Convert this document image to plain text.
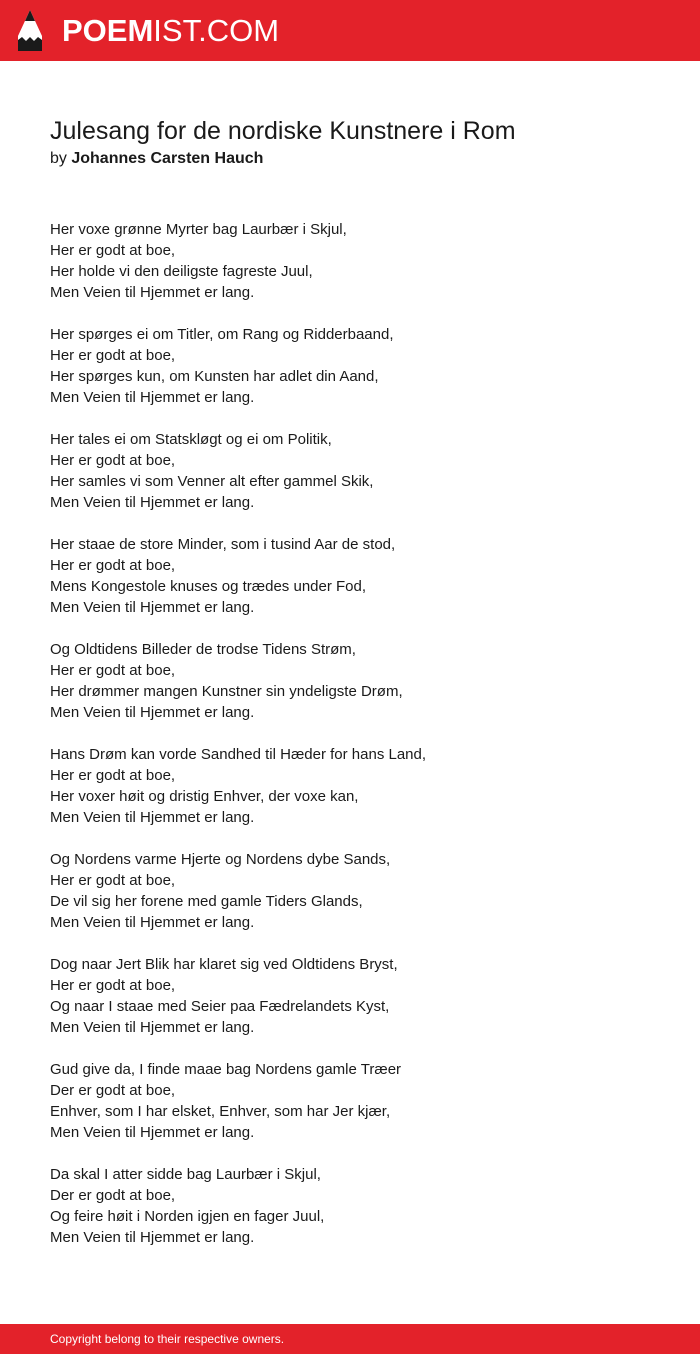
POEMIST.COM
Julesang for de nordiske Kunstnere i Rom
by Johannes Carsten Hauch
Her voxe grønne Myrter bag Laurbær i Skjul,
Her er godt at boe,
Her holde vi den deiligste fagreste Juul,
Men Veien til Hjemmet er lang.
Her spørges ei om Titler, om Rang og Ridderbaand,
Her er godt at boe,
Her spørges kun, om Kunsten har adlet din Aand,
Men Veien til Hjemmet er lang.
Her tales ei om Statskløgt og ei om Politik,
Her er godt at boe,
Her samles vi som Venner alt efter gammel Skik,
Men Veien til Hjemmet er lang.
Her staae de store Minder, som i tusind Aar de stod,
Her er godt at boe,
Mens Kongestole knuses og trædes under Fod,
Men Veien til Hjemmet er lang.
Og Oldtidens Billeder de trodse Tidens Strøm,
Her er godt at boe,
Her drømmer mangen Kunstner sin yndeligste Drøm,
Men Veien til Hjemmet er lang.
Hans Drøm kan vorde Sandhed til Hæder for hans Land,
Her er godt at boe,
Her voxer høit og dristig Enhver, der voxe kan,
Men Veien til Hjemmet er lang.
Og Nordens varme Hjerte og Nordens dybe Sands,
Her er godt at boe,
De vil sig her forene med gamle Tiders Glands,
Men Veien til Hjemmet er lang.
Dog naar Jert Blik har klaret sig ved Oldtidens Bryst,
Her er godt at boe,
Og naar I staae med Seier paa Fædrelandets Kyst,
Men Veien til Hjemmet er lang.
Gud give da, I finde maae bag Nordens gamle Træer
Der er godt at boe,
Enhver, som I har elsket, Enhver, som har Jer kjær,
Men Veien til Hjemmet er lang.
Da skal I atter sidde bag Laurbær i Skjul,
Der er godt at boe,
Og feire høit i Norden igjen en fager Juul,
Men Veien til Hjemmet er lang.
Copyright belong to their respective owners.
